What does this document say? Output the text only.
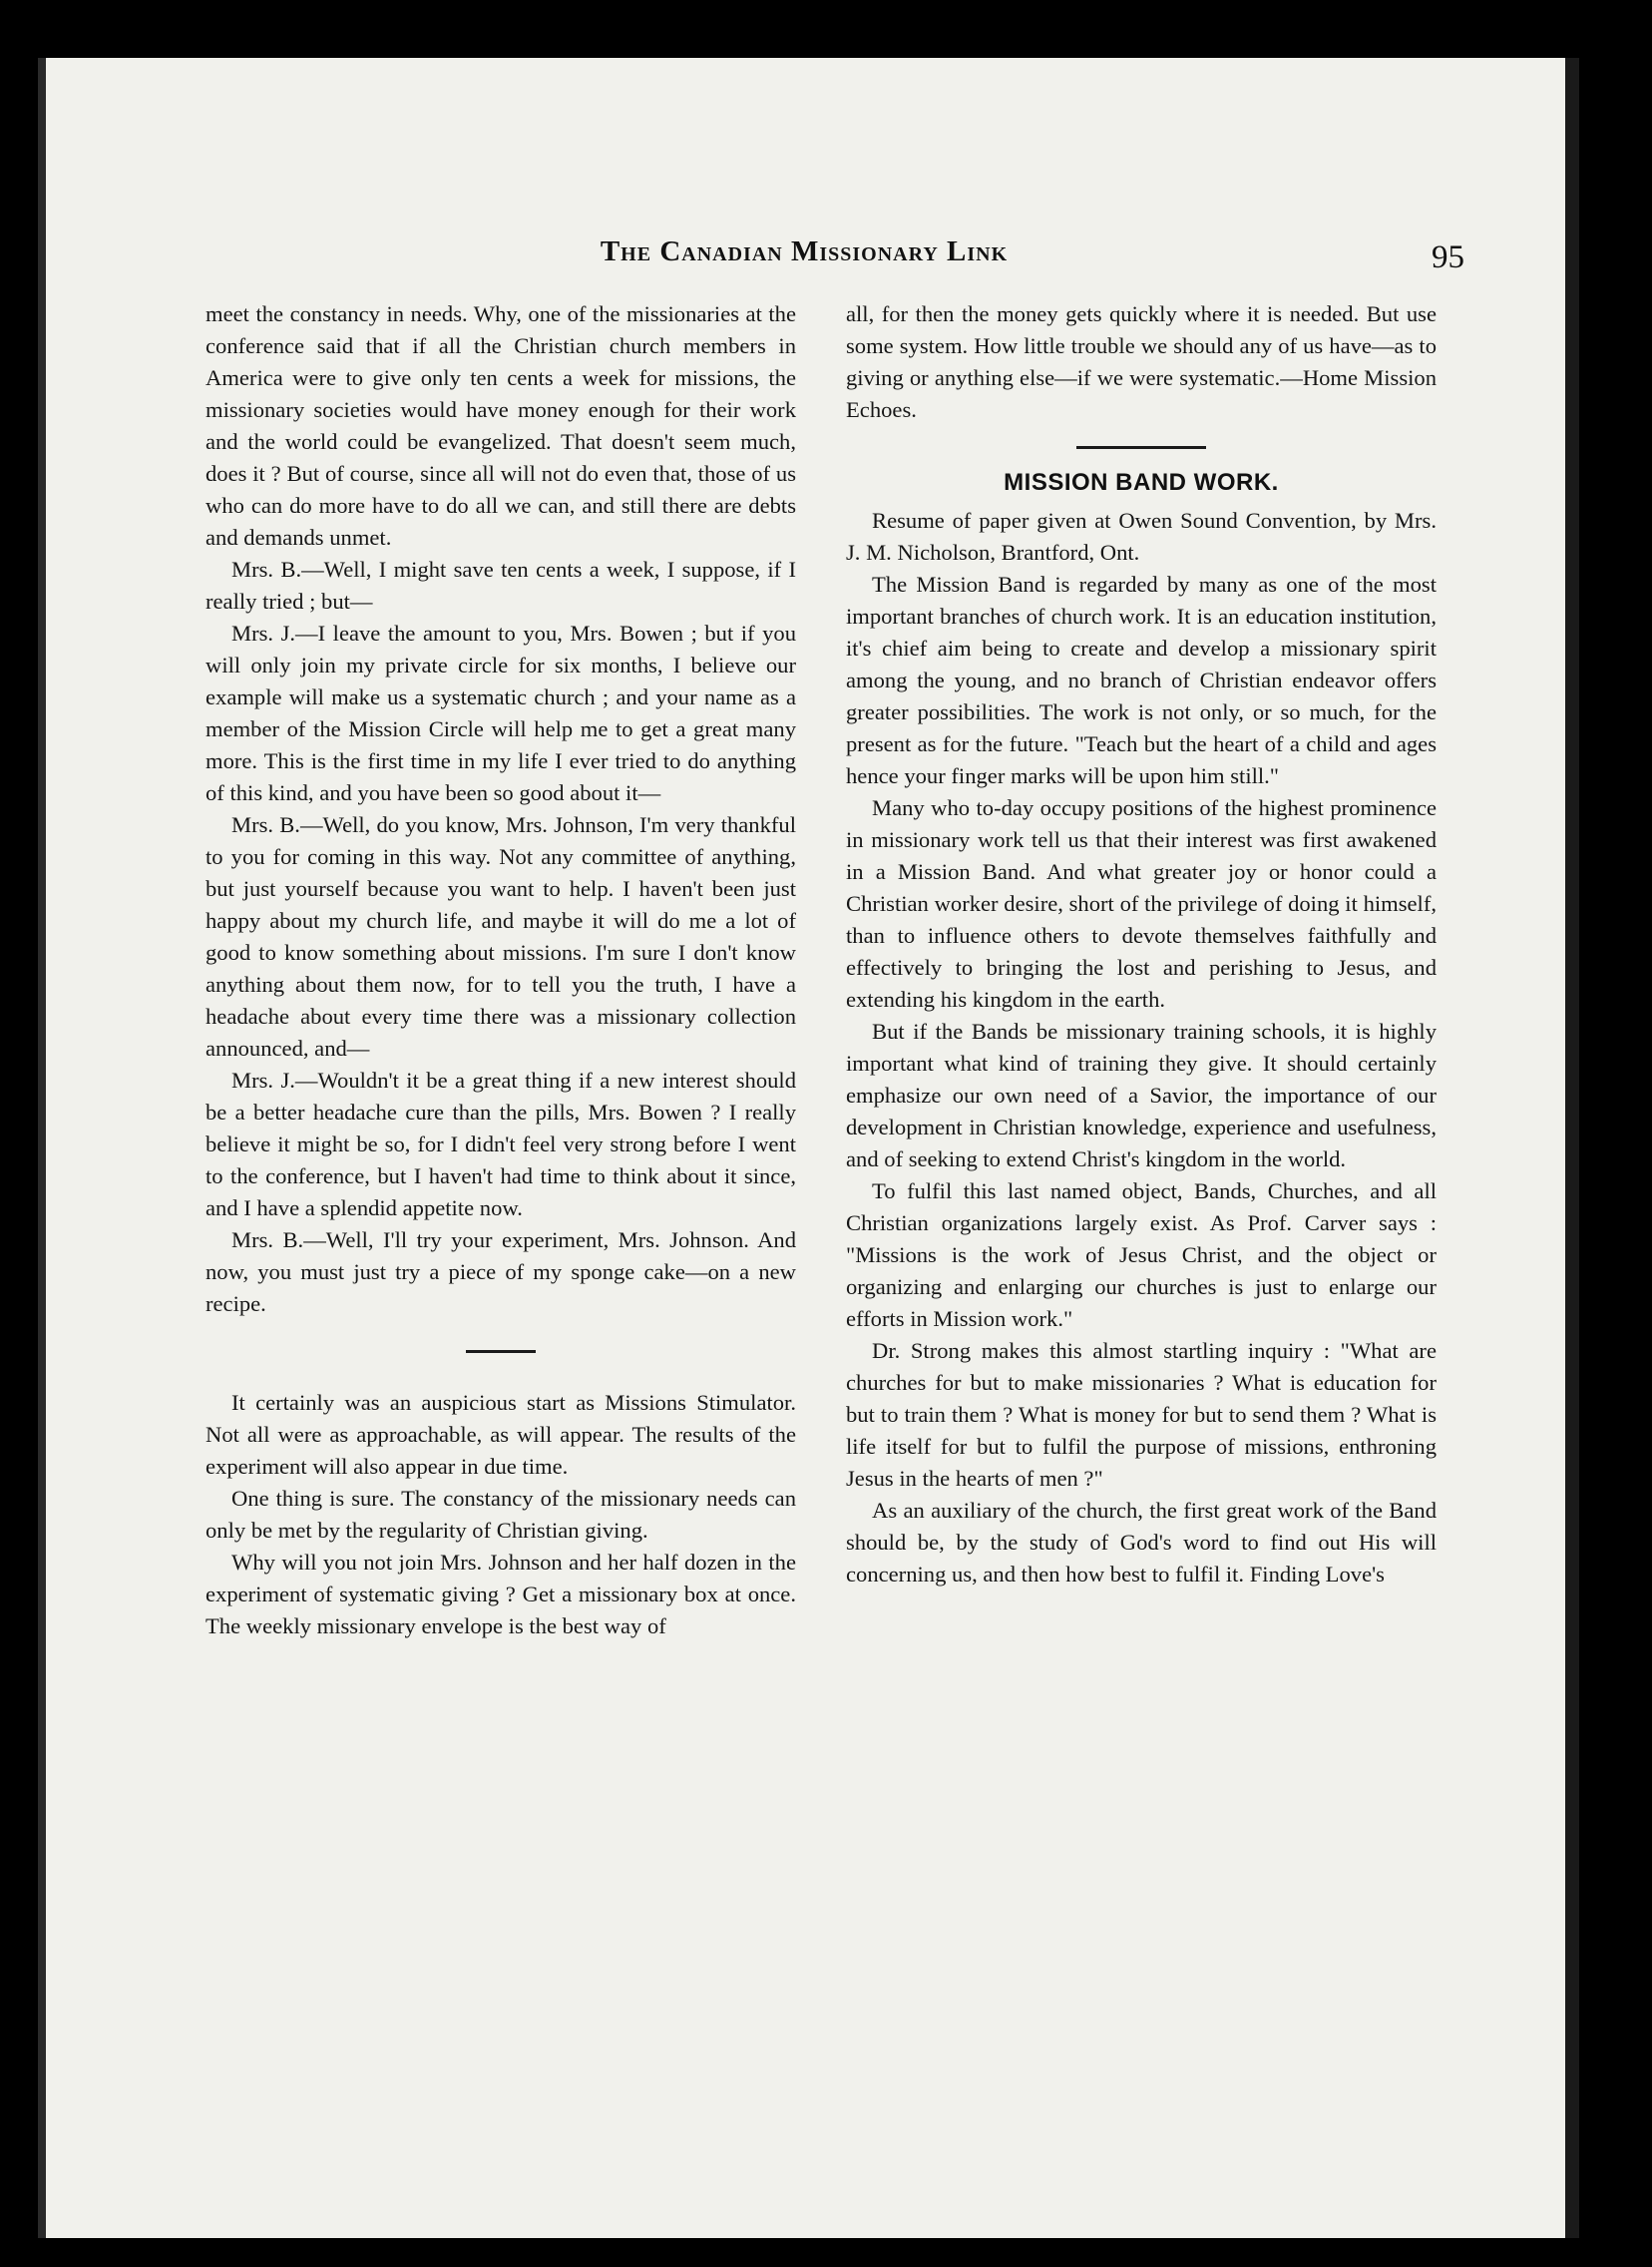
The Canadian Missionary Link	95

meet the constancy in needs. Why, one of the missionaries at the conference said that if all the Christian church members in America were to give only ten cents a week for missions, the missionary societies would have money enough for their work and the world could be evangelized. That doesn't seem much, does it ? But of course, since all will not do even that, those of us who can do more have to do all we can, and still there are debts and demands unmet.

Mrs. B.—Well, I might save ten cents a week, I suppose, if I really tried ; but—

Mrs. J.—I leave the amount to you, Mrs. Bowen ; but if you will only join my private circle for six months, I believe our example will make us a systematic church ; and your name as a member of the Mission Circle will help me to get a great many more. This is the first time in my life I ever tried to do anything of this kind, and you have been so good about it—

Mrs. B.—Well, do you know, Mrs. Johnson, I'm very thankful to you for coming in this way. Not any committee of anything, but just yourself because you want to help. I haven't been just happy about my church life, and maybe it will do me a lot of good to know something about missions. I'm sure I don't know anything about them now, for to tell you the truth, I have a headache about every time there was a missionary collection announced, and—

Mrs. J.—Wouldn't it be a great thing if a new interest should be a better headache cure than the pills, Mrs. Bowen ? I really believe it might be so, for I didn't feel very strong before I went to the conference, but I haven't had time to think about it since, and I have a splendid appetite now.

Mrs. B.—Well, I'll try your experiment, Mrs. Johnson. And now, you must just try a piece of my sponge cake—on a new recipe.

It certainly was an auspicious start as Missions Stimulator. Not all were as approachable, as will appear. The results of the experiment will also appear in due time.

One thing is sure. The constancy of the missionary needs can only be met by the regularity of Christian giving.

Why will you not join Mrs. Johnson and her half dozen in the experiment of systematic giving ? Get a missionary box at once. The weekly missionary envelope is the best way of

all, for then the money gets quickly where it is needed. But use some system. How little trouble we should any of us have—as to giving or anything else—if we were systematic.—Home Mission Echoes.

MISSION BAND WORK.

Resume of paper given at Owen Sound Convention, by Mrs. J. M. Nicholson, Brantford, Ont.

The Mission Band is regarded by many as one of the most important branches of church work. It is an education institution, it's chief aim being to create and develop a missionary spirit among the young, and no branch of Christian endeavor offers greater possibilities. The work is not only, or so much, for the present as for the future. "Teach but the heart of a child and ages hence your finger marks will be upon him still."

Many who to-day occupy positions of the highest prominence in missionary work tell us that their interest was first awakened in a Mission Band. And what greater joy or honor could a Christian worker desire, short of the privilege of doing it himself, than to influence others to devote themselves faithfully and effectively to bringing the lost and perishing to Jesus, and extending his kingdom in the earth.

But if the Bands be missionary training schools, it is highly important what kind of training they give. It should certainly emphasize our own need of a Savior, the importance of our development in Christian knowledge, experience and usefulness, and of seeking to extend Christ's kingdom in the world.

To fulfil this last named object, Bands, Churches, and all Christian organizations largely exist. As Prof. Carver says : "Missions is the work of Jesus Christ, and the object or organizing and enlarging our churches is just to enlarge our efforts in Mission work."

Dr. Strong makes this almost startling inquiry : "What are churches for but to make missionaries ? What is education for but to train them ? What is money for but to send them ? What is life itself for but to fulfil the purpose of missions, enthroning Jesus in the hearts of men ?"

As an auxiliary of the church, the first great work of the Band should be, by the study of God's word to find out His will concerning us, and then how best to fulfil it. Finding Love's
